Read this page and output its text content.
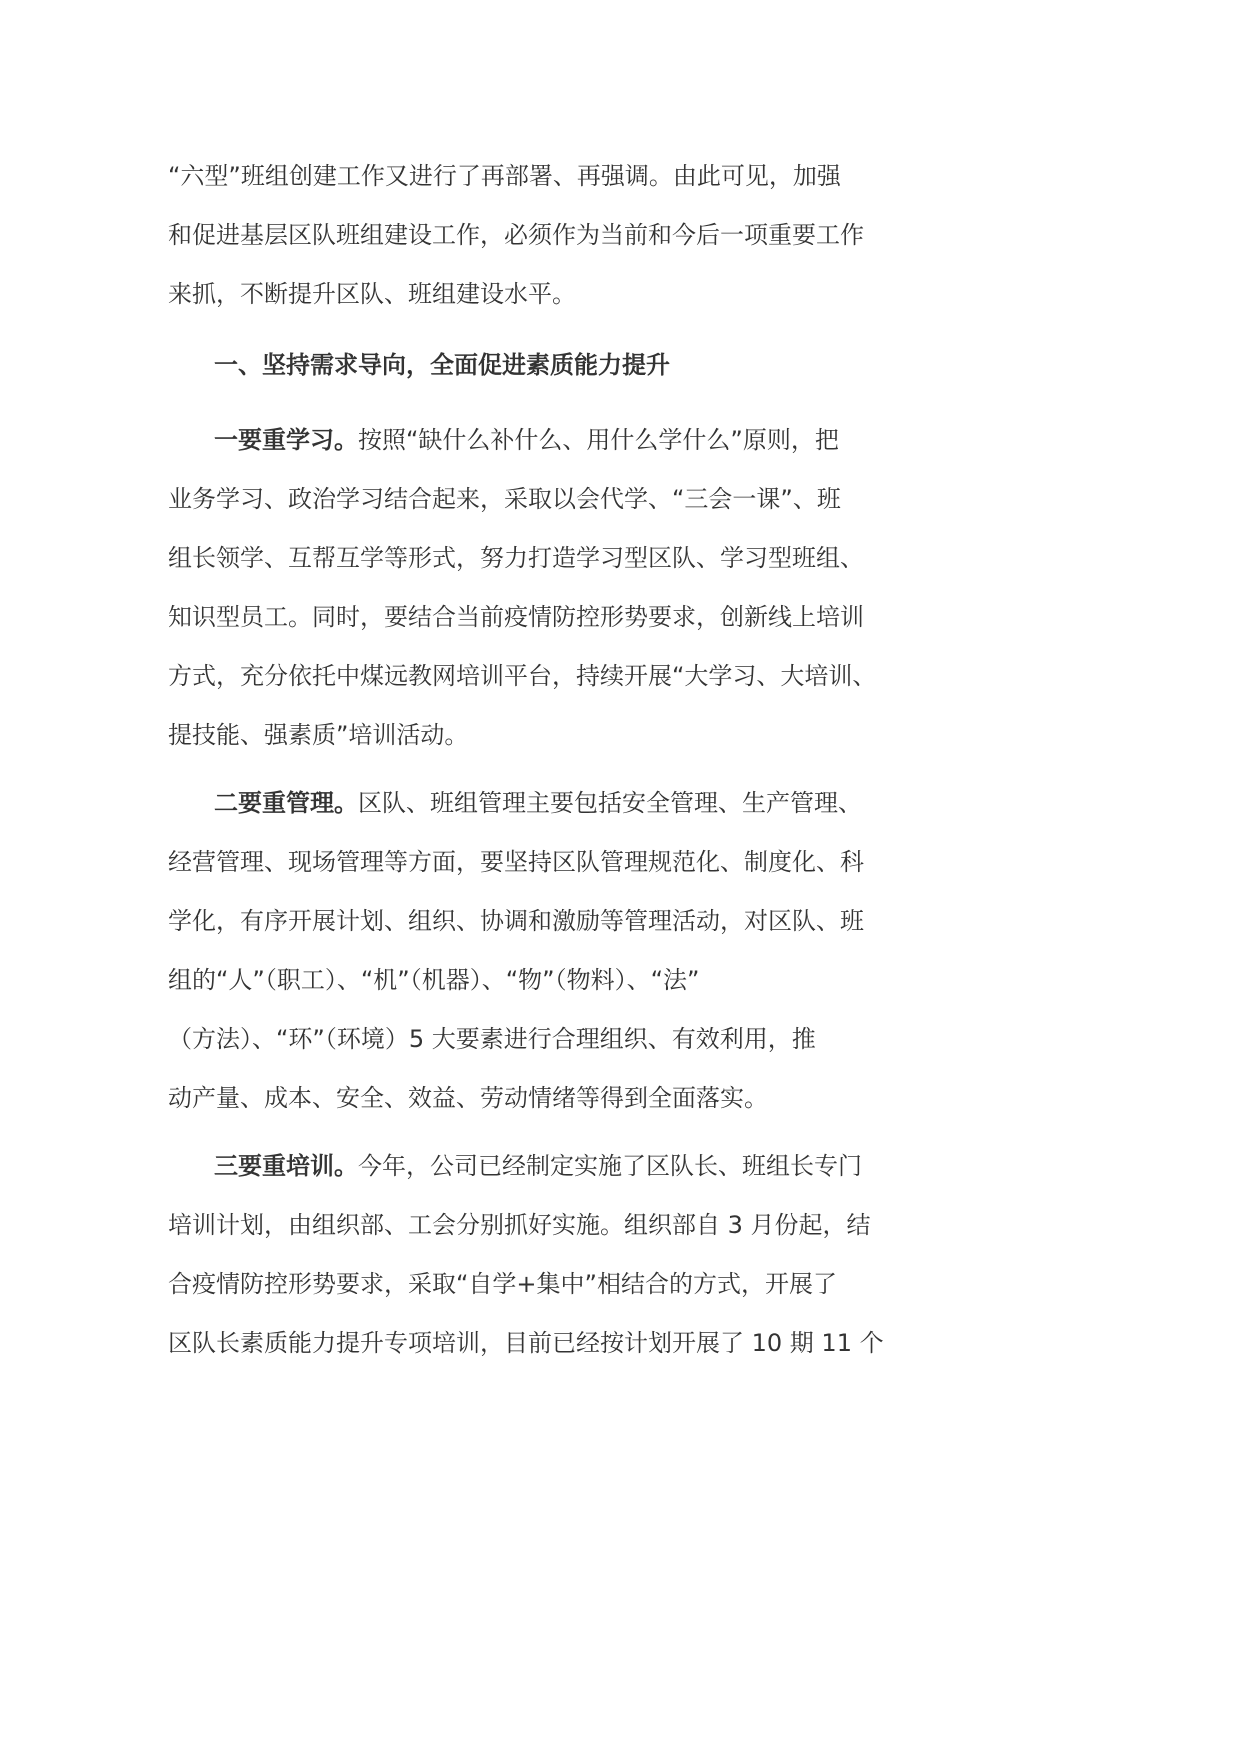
“六型”班组创建工作又进行了再部署、再强调。由此可见，加强
和促进基层区队班组建设工作，必须作为当前和今后一项重要工作
来抓，不断提升区队、班组建设水平。
一、坚持需求导向，全面促进素质能力提升
一要重学习。按照“缺什么补什么、用什么学什么”原则，把
业务学习、政治学习结合起来，采取以会代学、“三会一课”、班
组长领学、互帮互学等形式，努力打造学习型区队、学习型班组、
知识型员工。同时，要结合当前疫情防控形势要求，创新线上培训
方式，充分依托中煤远教网培训平台，持续开展“大学习、大培训、
提技能、强素质”培训活动。
二要重管理。区队、班组管理主要包括安全管理、生产管理、
经营管理、现场管理等方面，要坚持区队管理规范化、制度化、科
学化，有序开展计划、组织、协调和激励等管理活动，对区队、班
组的“人”（职工）、“机”（机器）、“物”（物料）、“法”
（方法）、“环”（环境）5 大要素进行合理组织、有效利用，推
动产量、成本、安全、效益、劳动情绪等得到全面落实。
三要重培训。今年，公司已经制定实施了区队长、班组长专门
培训计划，由组织部、工会分别抓好实施。组织部自 3 月份起，结
合疫情防控形势要求，采取“自学+集中”相结合的方式，开展了
区队长素质能力提升专项培训，目前已经按计划开展了 10 期 11 个
